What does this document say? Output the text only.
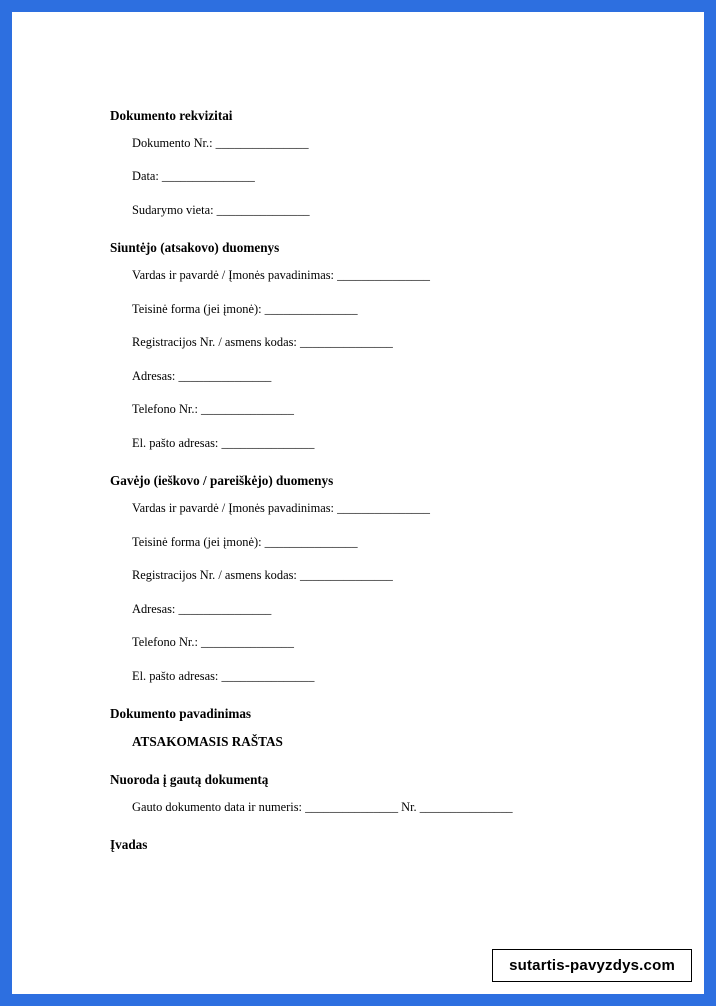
Dokumento rekvizitai

Dokumento Nr.: _______________

Data: _______________

Sudarymo vieta: _______________

Siuntėjo (atsakovo) duomenys

Vardas ir pavardė / Įmonės pavadinimas: _______________

Teisinė forma (jei įmonė): _______________

Registracijos Nr. / asmens kodas: _______________

Adresas: _______________

Telefono Nr.: _______________

El. pašto adresas: _______________

Gavėjo (ieškovo / pareiškėjo) duomenys

Vardas ir pavardė / Įmonės pavadinimas: _______________

Teisinė forma (jei įmonė): _______________

Registracijos Nr. / asmens kodas: _______________

Adresas: _______________

Telefono Nr.: _______________

El. pašto adresas: _______________

Dokumento pavadinimas

ATSAKOMASIS RAŠTAS

Nuoroda į gautą dokumentą

Gauto dokumento data ir numeris: _______________ Nr. _______________

Įvadas

sutartis-pavyzdys.com
